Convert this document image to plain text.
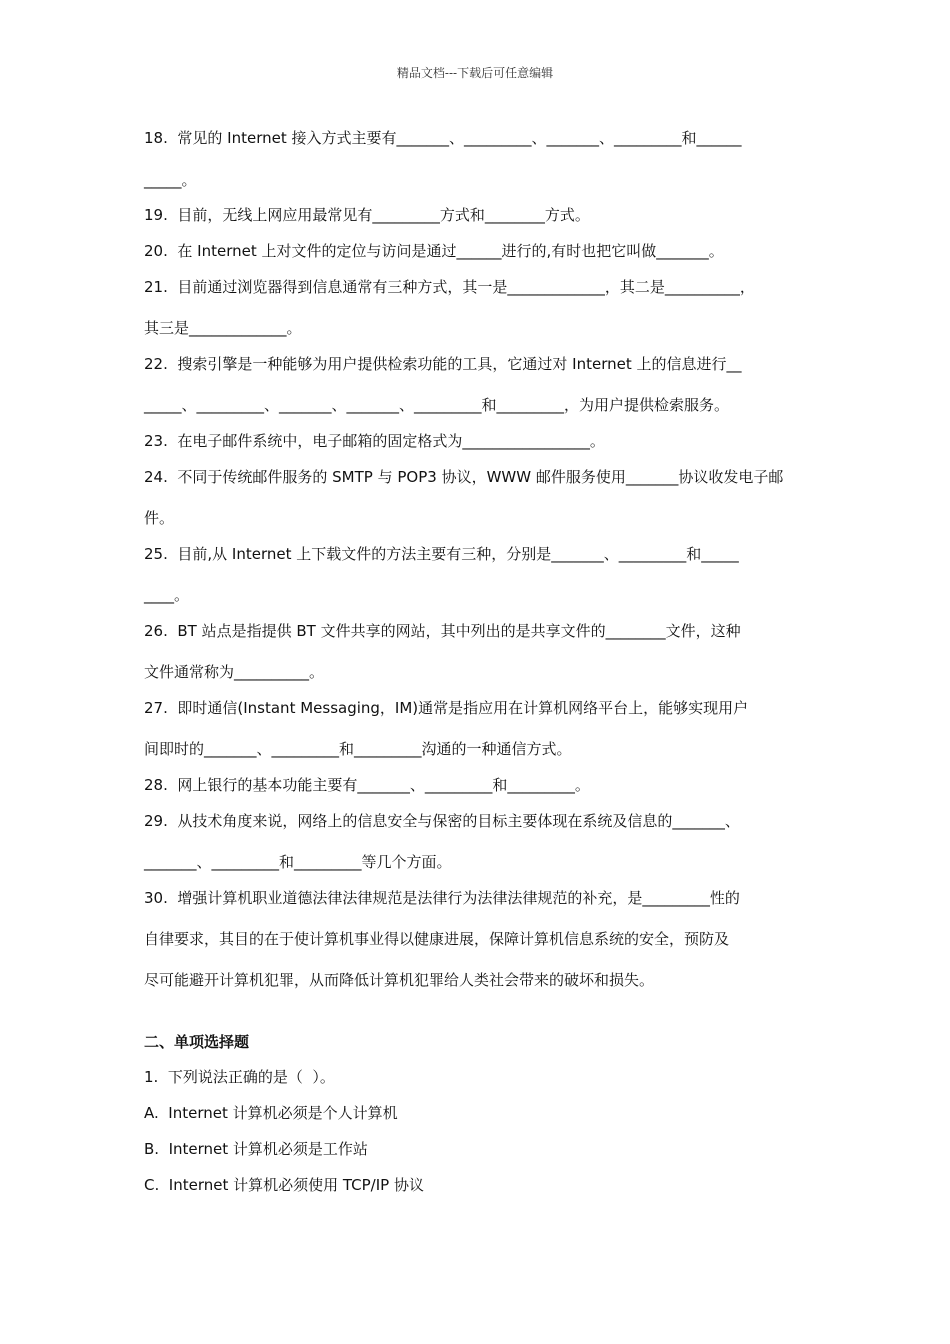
精品文档---下载后可任意编辑
18.  常见的 Internet 接入方式主要有_______、_________、_______、_________和______
_____。
19.  目前，无线上网应用最常见有_________方式和________方式。
20.  在 Internet 上对文件的定位与访问是通过______进行的,有时也把它叫做_______。
21.  目前通过浏览器得到信息通常有三种方式，其一是_____________，其二是__________，
其三是_____________。
22.  搜索引擎是一种能够为用户提供检索功能的工具，它通过对 Internet 上的信息进行__
_____、_________、_______、_______、_________和_________，为用户提供检索服务。
23.  在电子邮件系统中，电子邮箱的固定格式为_________________。
24.  不同于传统邮件服务的 SMTP 与 POP3 协议，WWW 邮件服务使用_______协议收发电子邮
件。
25.  目前,从 Internet 上下载文件的方法主要有三种，分别是_______、_________和_____
____。
26.  BT 站点是指提供 BT 文件共享的网站，其中列出的是共享文件的________文件，这种
文件通常称为__________。
27.  即时通信(Instant Messaging，IM)通常是指应用在计算机网络平台上，能够实现用户
间即时的_______、_________和_________沟通的一种通信方式。
28.  网上银行的基本功能主要有_______、_________和_________。
29.  从技术角度来说，网络上的信息安全与保密的目标主要体现在系统及信息的_______、
_______、_________和_________等几个方面。
30.  增强计算机职业道德法律法律规范是法律行为法律法律规范的补充，是_________性的
自律要求，其目的在于使计算机事业得以健康进展，保障计算机信息系统的安全，预防及
尽可能避开计算机犯罪，从而降低计算机犯罪给人类社会带来的破坏和损失。
二、单项选择题
1.  下列说法正确的是（  ）。
A.  Internet 计算机必须是个人计算机
B.  Internet 计算机必须是工作站
C.  Internet 计算机必须使用 TCP/IP 协议
